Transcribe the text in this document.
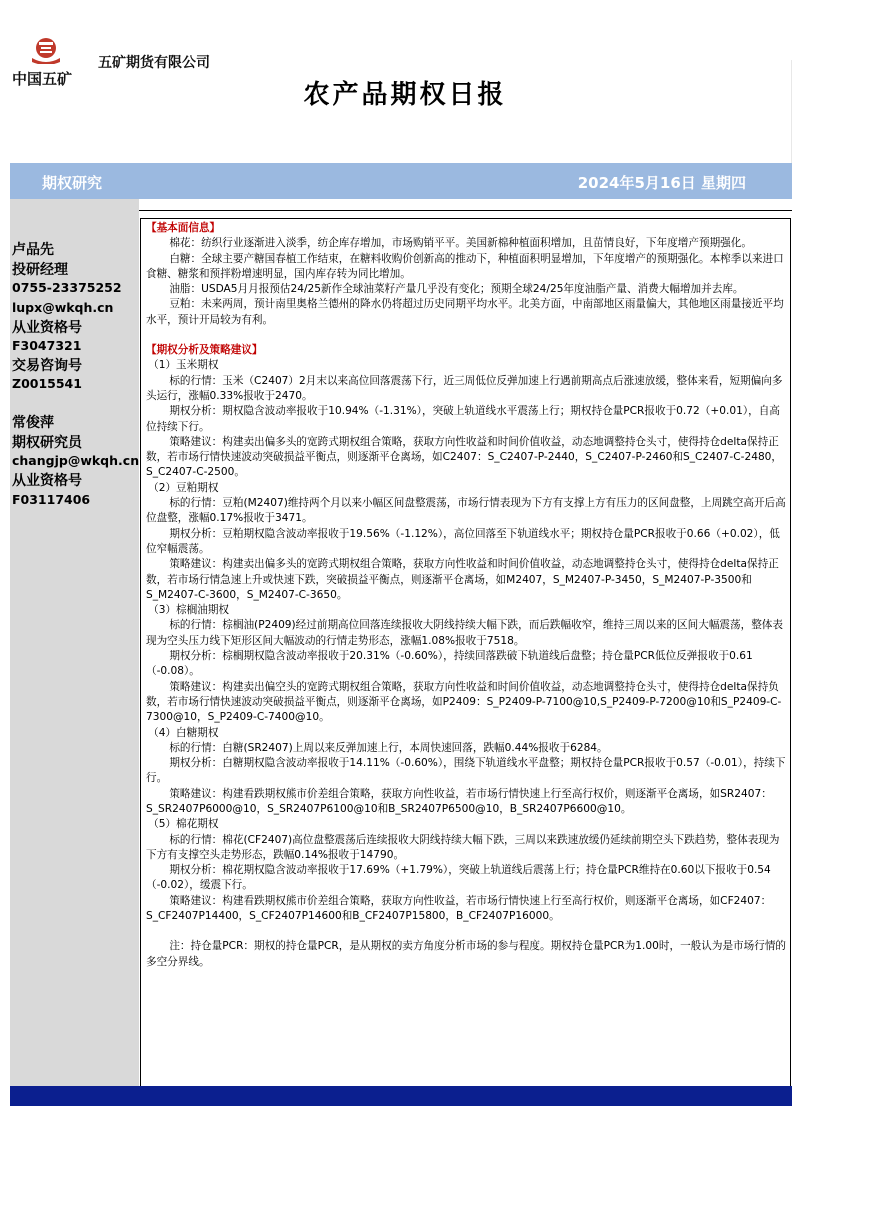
中国五矿
五矿期货有限公司
农产品期权日报
期权研究	2024年5月16日 星期四
卢品先
投研经理
0755-23375252
lupx@wkqh.cn
从业资格号
F3047321
交易咨询号
Z0015541
常俊萍
期权研究员
changjp@wkqh.cn
从业资格号
F03117406

【基本面信息】

棉花：纺织行业逐渐进入淡季，纺企库存增加，市场购销平平。美国新棉种植面积增加，且苗情良好，下年度增产预期强化。

白糖：全球主要产糖国春植工作结束，在糖料收购价创新高的推动下，种植面积明显增加，下年度增产的预期强化。本榨季以来进口食糖、糖浆和预拌粉增速明显，国内库存转为同比增加。

油脂：USDA5月月报预估24/25新作全球油菜籽产量几乎没有变化；预期全球24/25年度油脂产量、消费大幅增加并去库。

豆粕：未来两周，预计南里奥格兰德州的降水仍将超过历史同期平均水平。北美方面，中南部地区雨量偏大，其他地区雨量接近平均水平，预计开局较为有利。

【期权分析及策略建议】

（1）玉米期权

标的行情：玉米（C2407）2月末以来高位回落震荡下行，近三周低位反弹加速上行遇前期高点后涨速放缓，整体来看，短期偏向多头运行，涨幅0.33%报收于2470。

期权分析：期权隐含波动率报收于10.94%（-1.31%），突破上轨道线水平震荡上行；期权持仓量PCR报收于0.72（+0.01），自高位持续下行。

策略建议：构建卖出偏多头的宽跨式期权组合策略，获取方向性收益和时间价值收益，动态地调整持仓头寸，使得持仓delta保持正数，若市场行情快速波动突破损益平衡点，则逐渐平仓离场，如C2407：S_C2407-P-2440，S_C2407-P-2460和S_C2407-C-2480，S_C2407-C-2500。

（2）豆粕期权

标的行情：豆粕(M2407)维持两个月以来小幅区间盘整震荡，市场行情表现为下方有支撑上方有压力的区间盘整，上周跳空高开后高位盘整，涨幅0.17%报收于3471。

期权分析：豆粕期权隐含波动率报收于19.56%（-1.12%），高位回落至下轨道线水平；期权持仓量PCR报收于0.66（+0.02），低位窄幅震荡。

策略建议：构建卖出偏多头的宽跨式期权组合策略，获取方向性收益和时间价值收益，动态地调整持仓头寸，使得持仓delta保持正数，若市场行情急速上升或快速下跌，突破损益平衡点，则逐渐平仓离场，如M2407，S_M2407-P-3450，S_M2407-P-3500和S_M2407-C-3600，S_M2407-C-3650。

（3）棕榈油期权

标的行情：棕榈油(P2409)经过前期高位回落连续报收大阴线持续大幅下跌，而后跌幅收窄，维持三周以来的区间大幅震荡，整体表现为空头压力线下矩形区间大幅波动的行情走势形态，涨幅1.08%报收于7518。

期权分析：棕榈期权隐含波动率报收于20.31%（-0.60%），持续回落跌破下轨道线后盘整；持仓量PCR低位反弹报收于0.61（-0.08）。

策略建议：构建卖出偏空头的宽跨式期权组合策略，获取方向性收益和时间价值收益，动态地调整持仓头寸，使得持仓delta保持负数，若市场行情快速波动突破损益平衡点，则逐渐平仓离场，如P2409：S_P2409-P-7100@10,S_P2409-P-7200@10和S_P2409-C-7300@10，S_P2409-C-7400@10。

（4）白糖期权

标的行情：白糖(SR2407)上周以来反弹加速上行，本周快速回落，跌幅0.44%报收于6284。

期权分析：白糖期权隐含波动率报收于14.11%（-0.60%），围绕下轨道线水平盘整；期权持仓量PCR报收于0.57（-0.01），持续下行。

策略建议：构建看跌期权熊市价差组合策略，获取方向性收益，若市场行情快速上行至高行权价，则逐渐平仓离场，如SR2407：S_SR2407P6000@10，S_SR2407P6100@10和B_SR2407P6500@10，B_SR2407P6600@10。

（5）棉花期权

标的行情：棉花(CF2407)高位盘整震荡后连续报收大阴线持续大幅下跌，三周以来跌速放缓仍延续前期空头下跌趋势，整体表现为下方有支撑空头走势形态，跌幅0.14%报收于14790。

期权分析：棉花期权隐含波动率报收于17.69%（+1.79%），突破上轨道线后震荡上行；持仓量PCR维持在0.60以下报收于0.54（-0.02），缓震下行。

策略建议：构建看跌期权熊市价差组合策略，获取方向性收益，若市场行情快速上行至高行权价，则逐渐平仓离场，如CF2407：S_CF2407P14400，S_CF2407P14600和B_CF2407P15800，B_CF2407P16000。

注：持仓量PCR：期权的持仓量PCR，是从期权的卖方角度分析市场的参与程度。期权持仓量PCR为1.00时，一般认为是市场行情的多空分界线。
